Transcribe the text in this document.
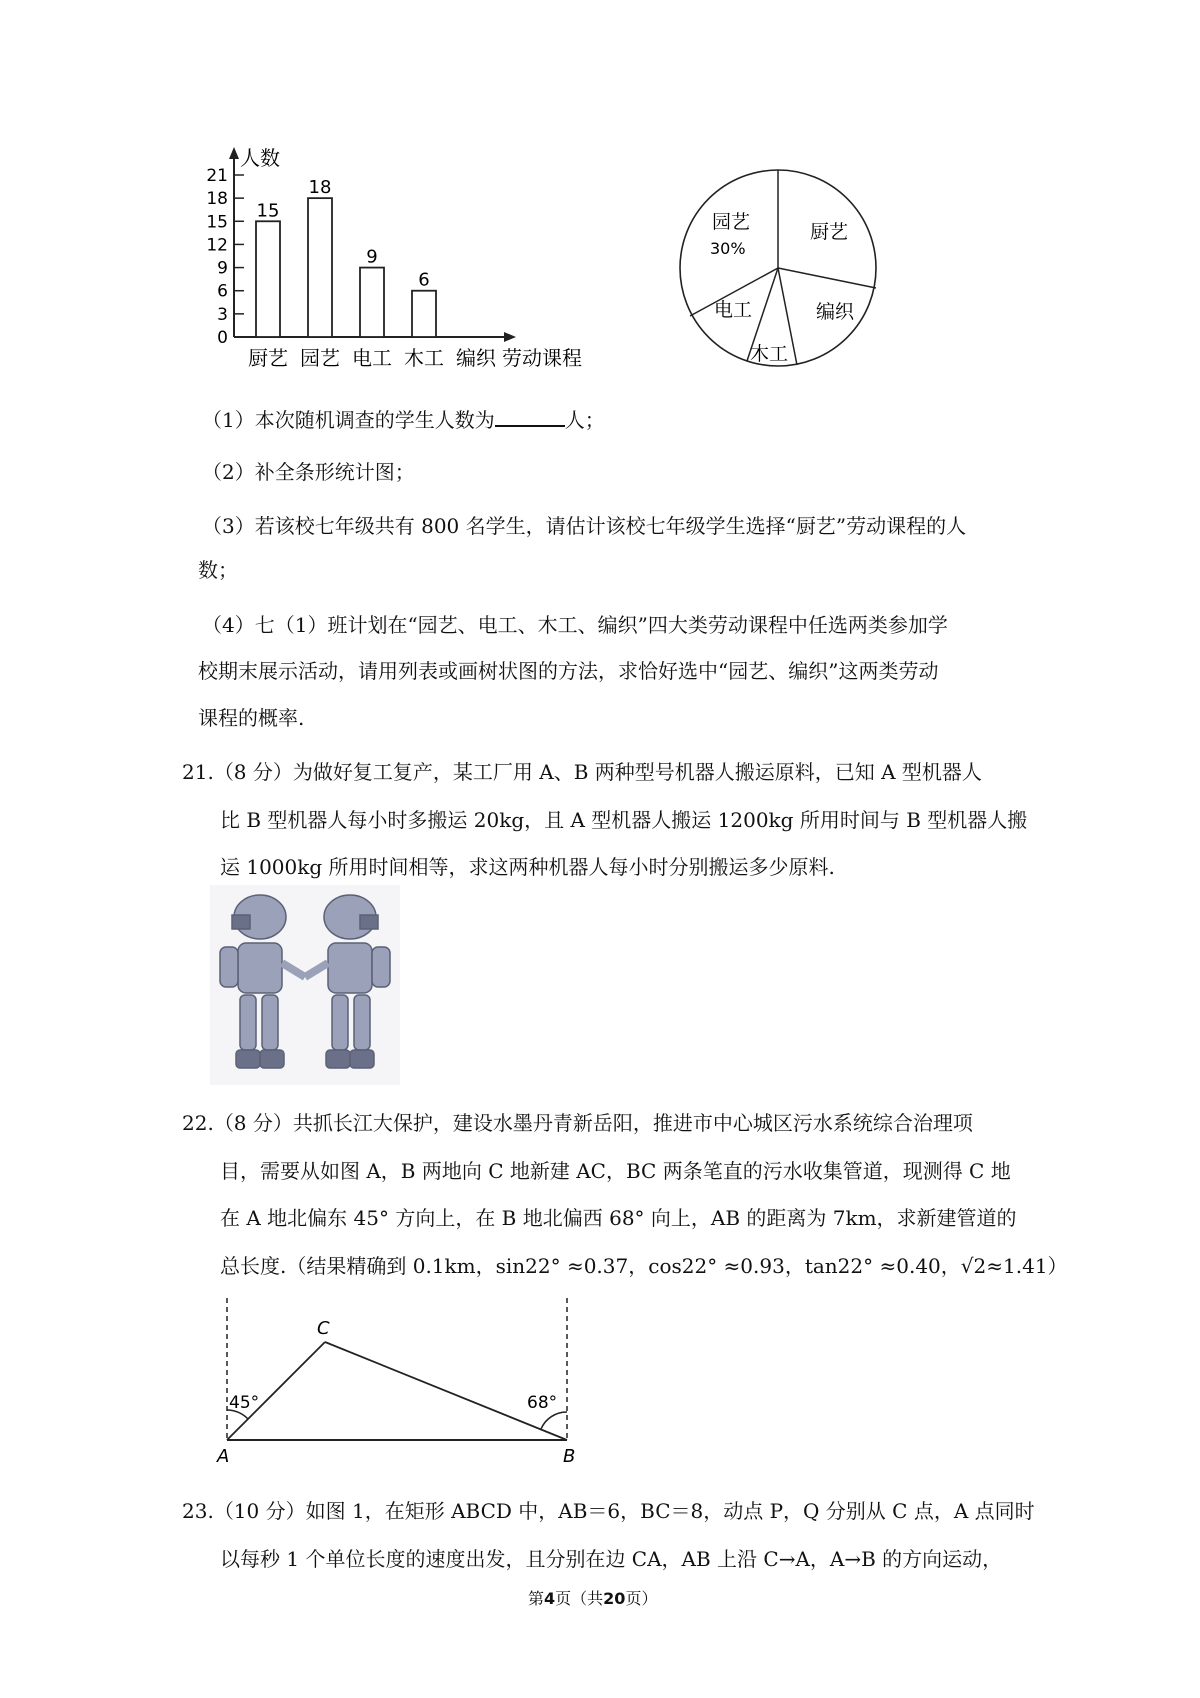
人数
0
3
6
9
12
15
18
21
劳动课程
15
厨艺
18
园艺
9
电工
6
木工 编织
园艺
30%
厨艺
编织
木工
电工
（1）本次随机调查的学生人数为	人；
（2）补全条形统计图；
（3）若该校七年级共有 800 名学生，请估计该校七年级学生选择“厨艺”劳动课程的人
数；
（4）七（1）班计划在“园艺、电工、木工、编织”四大类劳动课程中任选两类参加学
校期末展示活动，请用列表或画树状图的方法，求恰好选中“园艺、编织”这两类劳动
课程的概率.
21.（8 分）为做好复工复产，某工厂用 A、B 两种型号机器人搬运原料，已知 A 型机器人
比 B 型机器人每小时多搬运 20kg，且 A 型机器人搬运 1200kg 所用时间与 B 型机器人搬
运 1000kg 所用时间相等，求这两种机器人每小时分别搬运多少原料.
22.（8 分）共抓长江大保护，建设水墨丹青新岳阳，推进市中心城区污水系统综合治理项
目，需要从如图 A，B 两地向 C 地新建 AC，BC 两条笔直的污水收集管道，现测得 C 地
在 A 地北偏东 45° 方向上，在 B 地北偏西 68° 向上，AB 的距离为 7km，求新建管道的
总长度.（结果精确到 0.1km，sin22° ≈0.37，cos22° ≈0.93，tan22° ≈0.40，√2≈1.41）
45°	68°
C
A	B
23.（10 分）如图 1，在矩形 ABCD 中，AB＝6，BC＝8，动点 P，Q 分别从 C 点，A 点同时
以每秒 1 个单位长度的速度出发，且分别在边 CA，AB 上沿 C→A，A→B 的方向运动，
第4页（共20页）
